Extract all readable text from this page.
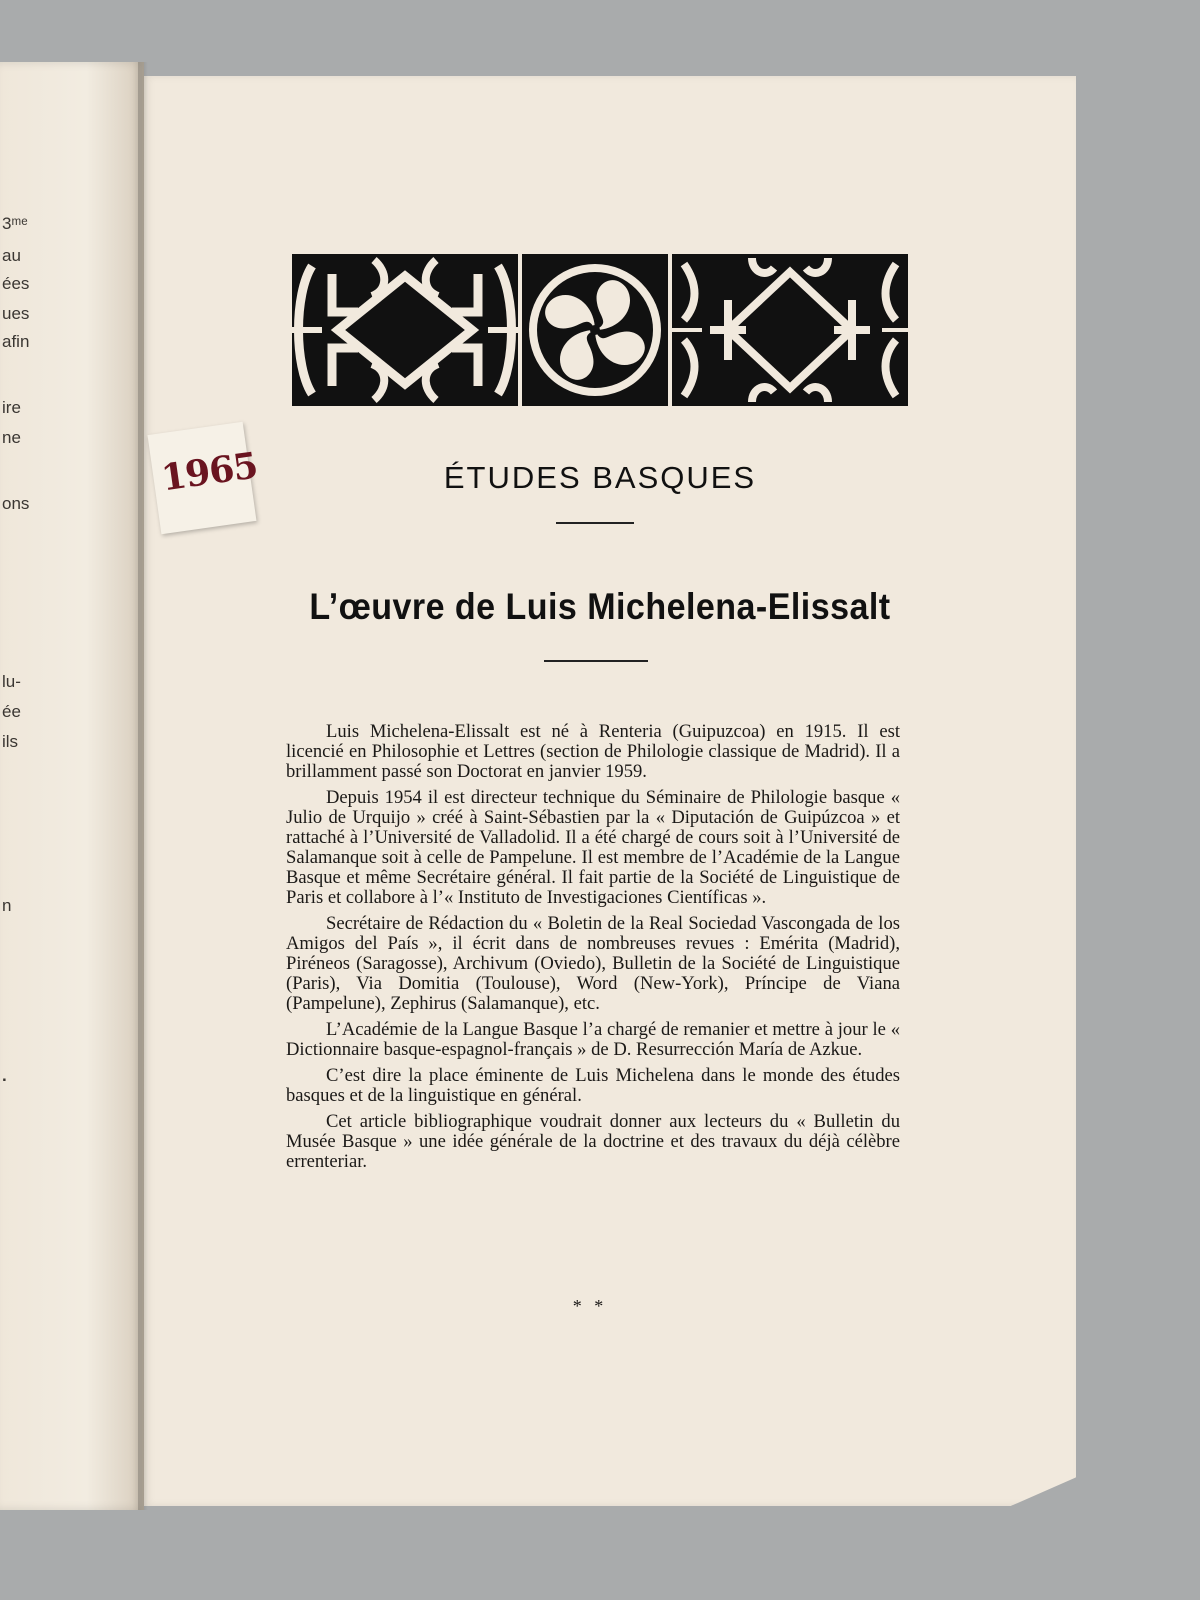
3ᵐᵉ

au

ées

ues

afin

ire

ne

ons

lu-

ée

ils

n

.

1965	ÉTUDES BASQUES
L’œuvre de Luis Michelena-Elissalt

Luis Michelena-Elissalt est né à Renteria (Guipuzcoa) en 1915. Il est licencié en Philosophie et Lettres (section de Philologie classique de Madrid). Il a brillamment passé son Doctorat en janvier 1959.

Depuis 1954 il est directeur technique du Séminaire de Philologie basque « Julio de Urquijo » créé à Saint-Sébastien par la « Diputación de Guipúzcoa » et rattaché à l’Université de Valladolid. Il a été chargé de cours soit à l’Université de Salamanque soit à celle de Pampelune. Il est membre de l’Académie de la Langue Basque et même Secrétaire général. Il fait partie de la Société de Linguistique de Paris et collabore à l’« Instituto de Investigaciones Científicas ».

Secrétaire de Rédaction du « Boletin de la Real Sociedad Vascongada de los Amigos del País », il écrit dans de nombreuses revues : Emérita (Madrid), Piréneos (Saragosse), Archivum (Oviedo), Bulletin de la Société de Linguistique (Paris), Via Domitia (Toulouse), Word (New-York), Príncipe de Viana (Pampelune), Zephirus (Salamanque), etc.

L’Académie de la Langue Basque l’a chargé de remanier et mettre à jour le « Dictionnaire basque-espagnol-français » de D. Resurrección María de Azkue.

C’est dire la place éminente de Luis Michelena dans le monde des études basques et de la linguistique en général.

Cet article bibliographique voudrait donner aux lecteurs du « Bulletin du Musée Basque » une idée générale de la doctrine et des travaux du déjà célèbre errenteriar.

* *
